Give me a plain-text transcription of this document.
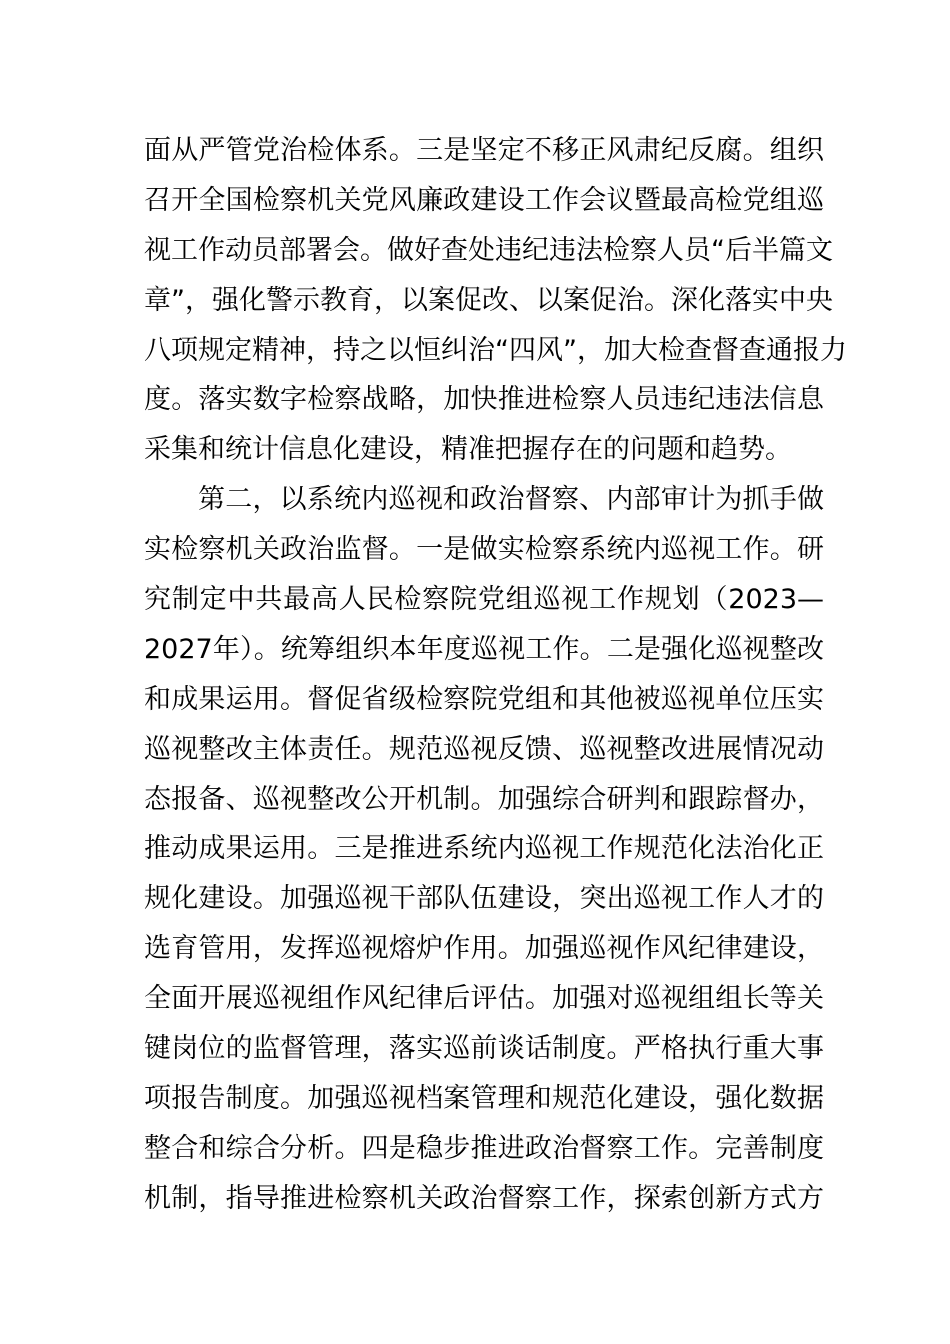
面从严管党治检体系。三是坚定不移正风肃纪反腐。组织
召开全国检察机关党风廉政建设工作会议暨最高检党组巡
视工作动员部署会。做好查处违纪违法检察人员“后半篇文
章”，强化警示教育，以案促改、以案促治。深化落实中央
八项规定精神，持之以恒纠治“四风”，加大检查督查通报力
度。落实数字检察战略，加快推进检察人员违纪违法信息
采集和统计信息化建设，精准把握存在的问题和趋势。
第二，以系统内巡视和政治督察、内部审计为抓手做
实检察机关政治监督。一是做实检察系统内巡视工作。研
究制定中共最高人民检察院党组巡视工作规划（2023—
2027年）。统筹组织本年度巡视工作。二是强化巡视整改
和成果运用。督促省级检察院党组和其他被巡视单位压实
巡视整改主体责任。规范巡视反馈、巡视整改进展情况动
态报备、巡视整改公开机制。加强综合研判和跟踪督办，
推动成果运用。三是推进系统内巡视工作规范化法治化正
规化建设。加强巡视干部队伍建设，突出巡视工作人才的
选育管用，发挥巡视熔炉作用。加强巡视作风纪律建设，
全面开展巡视组作风纪律后评估。加强对巡视组组长等关
键岗位的监督管理，落实巡前谈话制度。严格执行重大事
项报告制度。加强巡视档案管理和规范化建设，强化数据
整合和综合分析。四是稳步推进政治督察工作。完善制度
机制，指导推进检察机关政治督察工作，探索创新方式方
